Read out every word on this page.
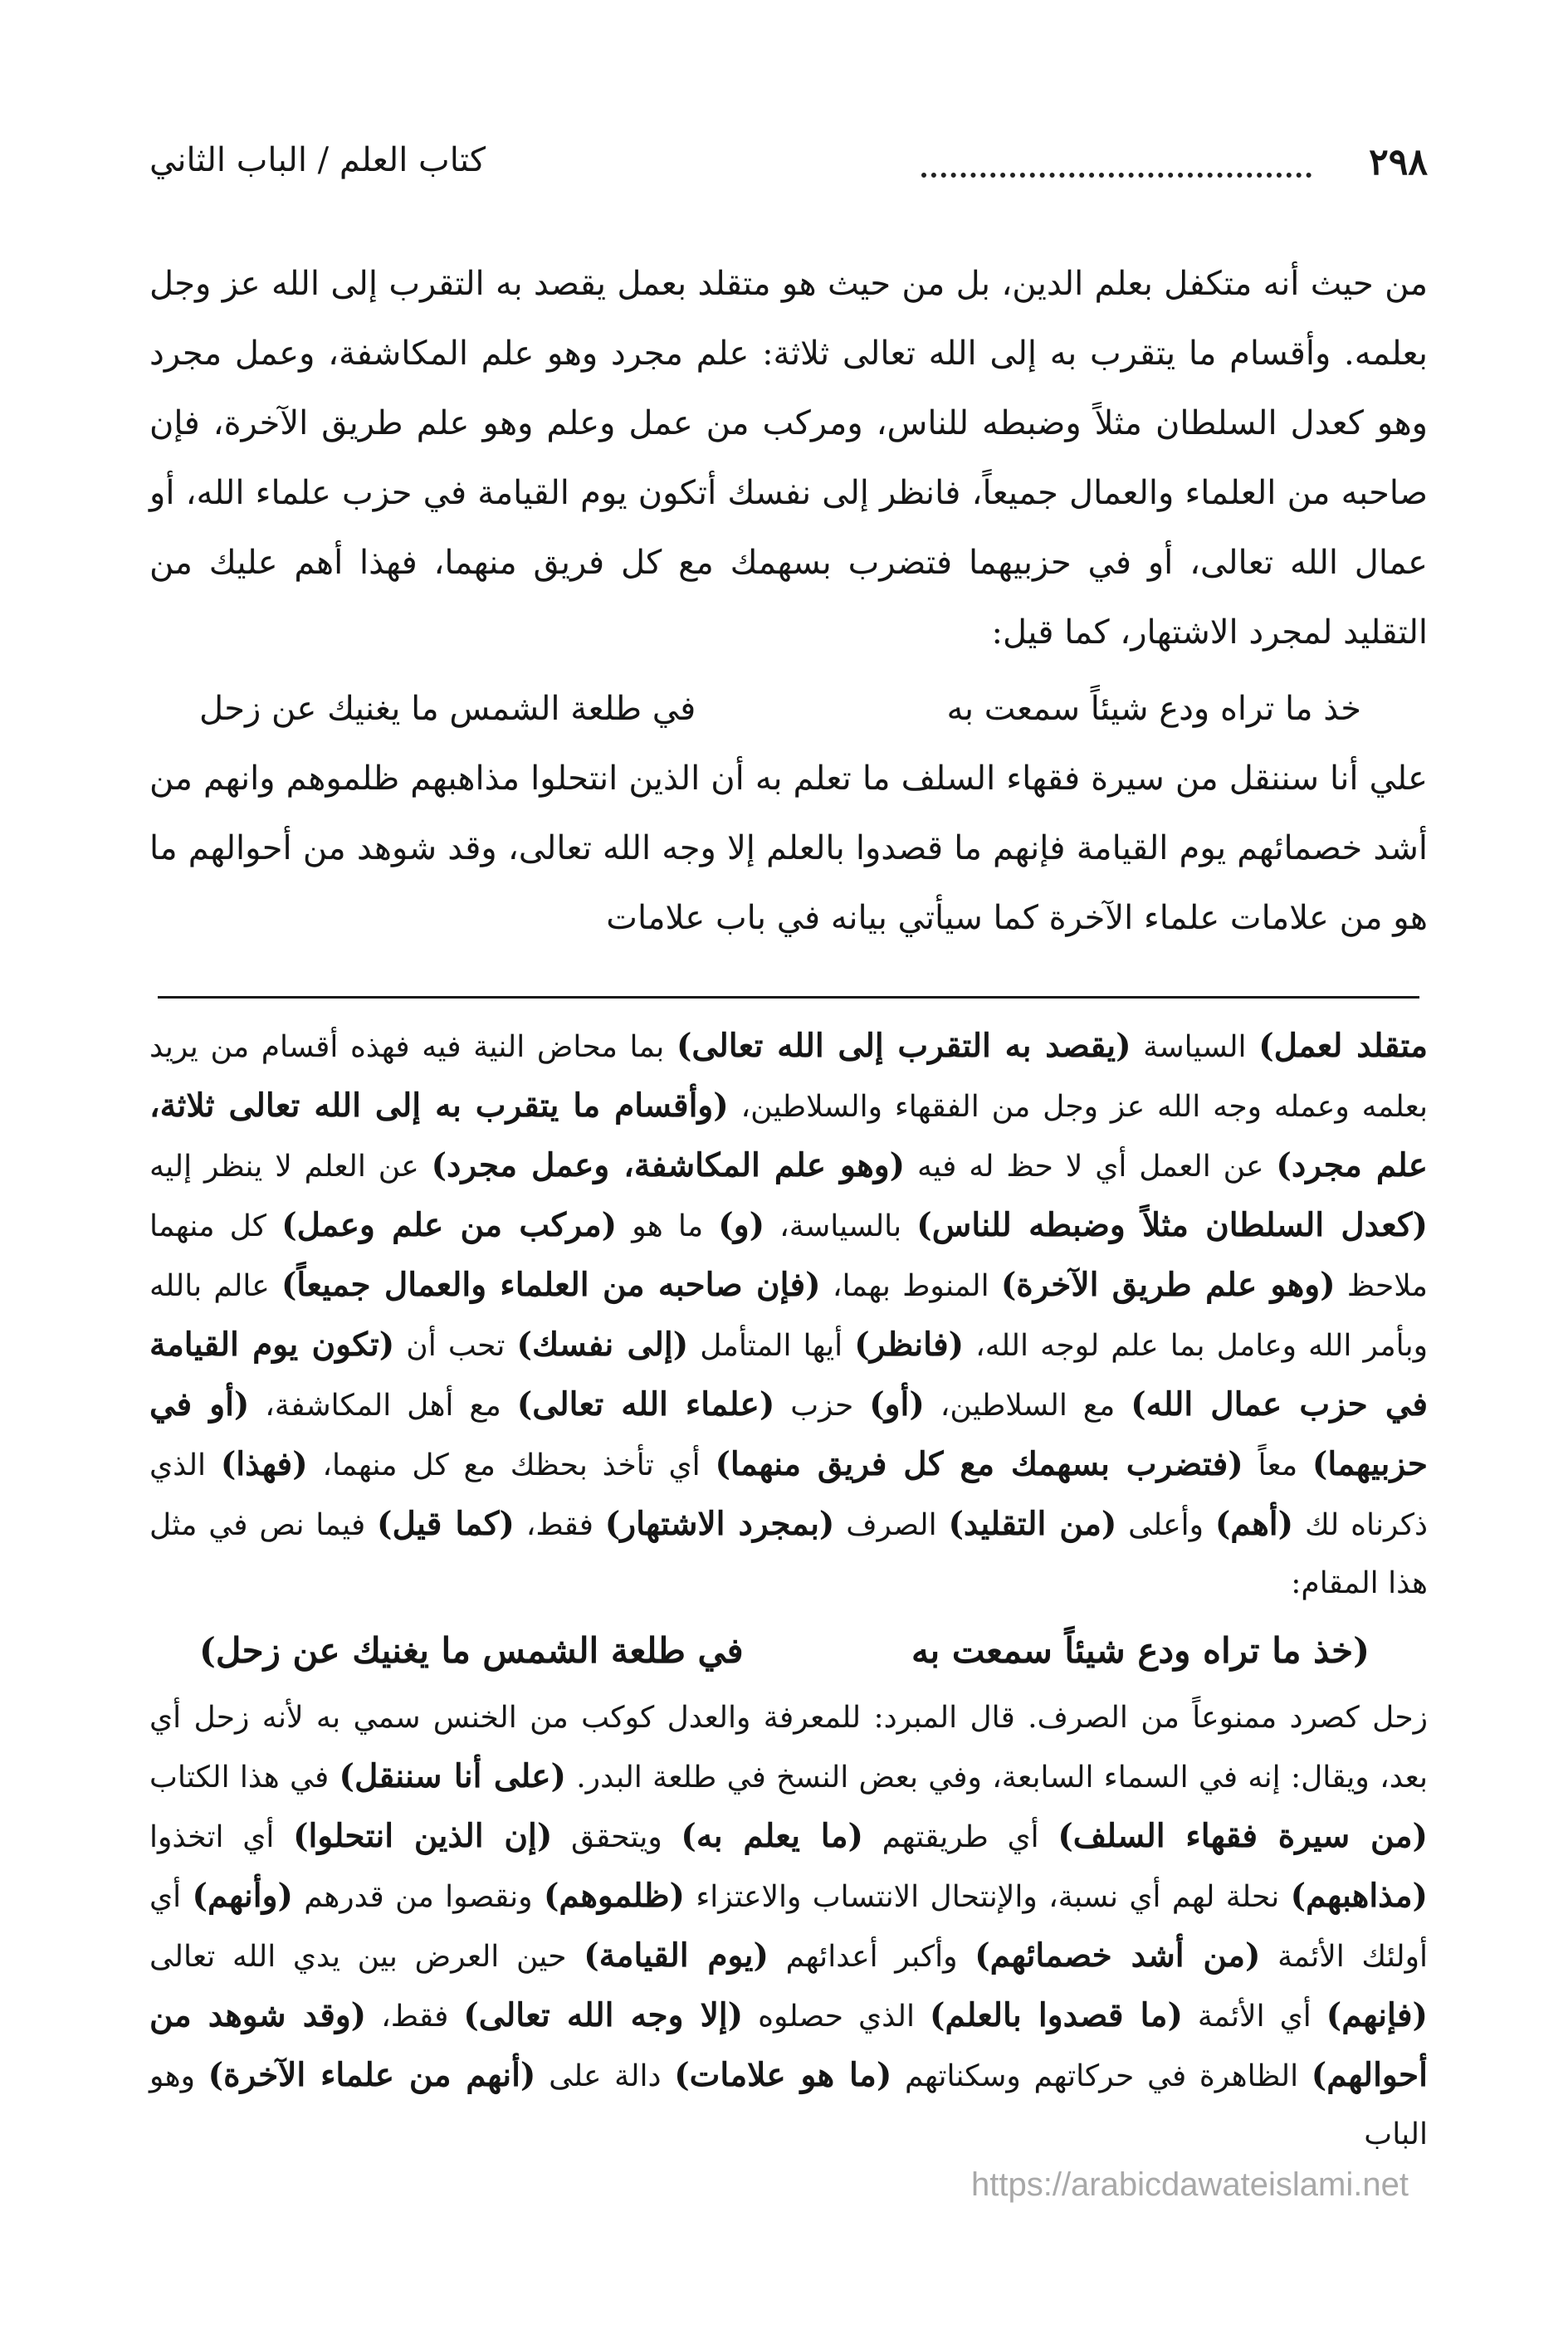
٢٩٨
كتاب العلم / الباب الثاني

من حيث أنه متكفل بعلم الدين، بل من حيث هو متقلد بعمل يقصد به التقرب إلى الله عز وجل بعلمه. وأقسام ما يتقرب به إلى الله تعالى ثلاثة: علم مجرد وهو علم المكاشفة، وعمل مجرد وهو كعدل السلطان مثلاً وضبطه للناس، ومركب من عمل وعلم وهو علم طريق الآخرة، فإن صاحبه من العلماء والعمال جميعاً، فانظر إلى نفسك أتكون يوم القيامة في حزب علماء الله، أو عمال الله تعالى، أو في حزبيهما فتضرب بسهمك مع كل فريق منهما، فهذا أهم عليك من التقليد لمجرد الاشتهار، كما قيل:

خذ ما تراه ودع شيئاً سمعت به
في طلعة الشمس ما يغنيك عن زحل

علي أنا سننقل من سيرة فقهاء السلف ما تعلم به أن الذين انتحلوا مذاهبهم ظلموهم وانهم من أشد خصمائهم يوم القيامة فإنهم ما قصدوا بالعلم إلا وجه الله تعالى، وقد شوهد من أحوالهم ما هو من علامات علماء الآخرة كما سيأتي بيانه في باب علامات

متقلد لعمل) السياسة (يقصد به التقرب إلى الله تعالى) بما محاض النية فيه فهذه أقسام من يريد بعلمه وعمله وجه الله عز وجل من الفقهاء والسلاطين، (وأقسام ما يتقرب به إلى الله تعالى ثلاثة، علم مجرد) عن العمل أي لا حظ له فيه (وهو علم المكاشفة، وعمل مجرد) عن العلم لا ينظر إليه (كعدل السلطان مثلاً وضبطه للناس) بالسياسة، (و) ما هو (مركب من علم وعمل) كل منهما ملاحظ (وهو علم طريق الآخرة) المنوط بهما، (فإن صاحبه من العلماء والعمال جميعاً) عالم بالله وبأمر الله وعامل بما علم لوجه الله، (فانظر) أيها المتأمل (إلى نفسك) تحب أن (تكون يوم القيامة في حزب عمال الله) مع السلاطين، (أو) حزب (علماء الله تعالى) مع أهل المكاشفة، (أو في حزبيهما) معاً (فتضرب بسهمك مع كل فريق منهما) أي تأخذ بحظك مع كل منهما، (فهذا) الذي ذكرناه لك (أهم) وأعلى (من التقليد) الصرف (بمجرد الاشتهار) فقط، (كما قيل) فيما نص في مثل هذا المقام:

(خذ ما تراه ودع شيئاً سمعت به
في طلعة الشمس ما يغنيك عن زحل)

زحل كصرد ممنوعاً من الصرف. قال المبرد: للمعرفة والعدل كوكب من الخنس سمي به لأنه زحل أي بعد، ويقال: إنه في السماء السابعة، وفي بعض النسخ في طلعة البدر. (على أنا سننقل) في هذا الكتاب (من سيرة فقهاء السلف) أي طريقتهم (ما يعلم به) ويتحقق (إن الذين انتحلوا) أي اتخذوا (مذاهبهم) نحلة لهم أي نسبة، والإنتحال الانتساب والاعتزاء (ظلموهم) ونقصوا من قدرهم (وأنهم) أي أولئك الأئمة (من أشد خصمائهم) وأكبر أعدائهم (يوم القيامة) حين العرض بين يدي الله تعالى (فإنهم) أي الأئمة (ما قصدوا بالعلم) الذي حصلوه (إلا وجه الله تعالى) فقط، (وقد شوهد من أحوالهم) الظاهرة في حركاتهم وسكناتهم (ما هو علامات) دالة على (أنهم من علماء الآخرة) وهو الباب

https://arabicdawateislami.net
